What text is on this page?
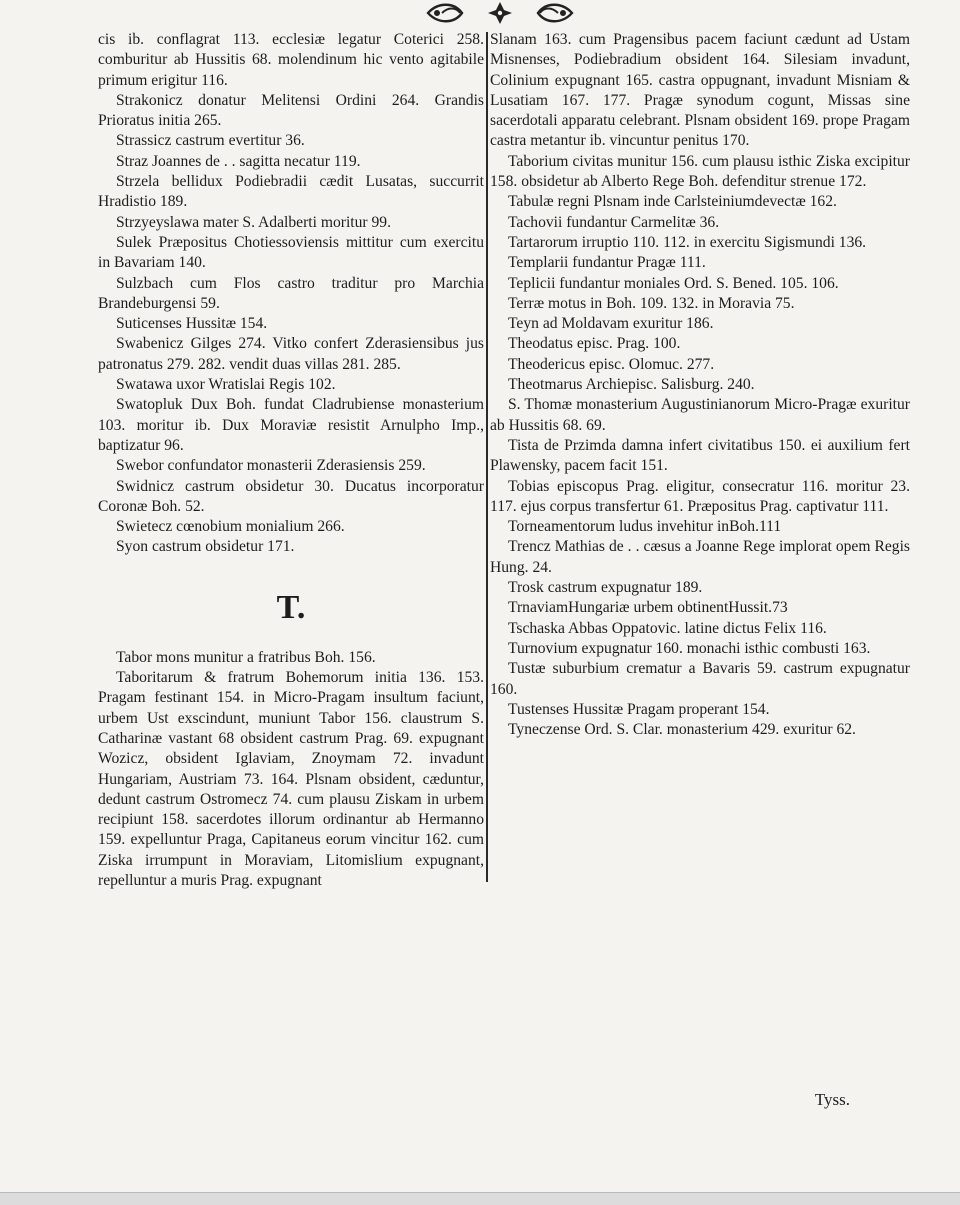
cis ib. conflagrat 113. ecclesiæ legatur Coterici 258. comburitur ab Hussitis 68. molendinum hic vento agitabile primum erigitur 116.

Strakonicz donatur Melitensi Ordini 264. Grandis Prioratus initia 265.

Strassicz castrum evertitur 36.

Straz Joannes de . . sagitta necatur 119.

Strzela bellidux Podiebradii cædit Lusatas, succurrit Hradistio 189.

Strzyeyslawa mater S. Adalberti moritur 99.

Sulek Præpositus Chotiessoviensis mittitur cum exercitu in Bavariam 140.

Sulzbach cum Flos castro traditur pro Marchia Brandeburgensi 59.

Suticenses Hussitæ 154.

Swabenicz Gilges 274. Vitko confert Zderasiensibus jus patronatus 279. 282. vendit duas villas 281. 285.

Swatawa uxor Wratislai Regis 102.

Swatopluk Dux Boh. fundat Cladrubiense monasterium 103. moritur ib. Dux Moraviæ resistit Arnulpho Imp., baptizatur 96.

Swebor confundator monasterii Zderasiensis 259.

Swidnicz castrum obsidetur 30. Ducatus incorporatur Coronæ Boh. 52.

Swietecz cœnobium monialium 266.

Syon castrum obsidetur 171.

T.

Tabor mons munitur a fratribus Boh. 156.

Taboritarum & fratrum Bohemorum initia 136. 153. Pragam festinant 154. in Micro-Pragam insultum faciunt, urbem Ust exscindunt, muniunt Tabor 156. claustrum S. Catharinæ vastant 68 obsident castrum Prag. 69. expugnant Wozicz, obsident Iglaviam, Znoymam 72. invadunt Hungariam, Austriam 73. 164. Plsnam obsident, cæduntur, dedunt castrum Ostromecz 74. cum plausu Ziskam in urbem recipiunt 158. sacerdotes illorum ordinantur ab Hermanno 159. expelluntur Praga, Capitaneus eorum vincitur 162. cum Ziska irrumpunt in Moraviam, Litomislium expugnant, repelluntur a muris Prag. expugnant

Slanam 163. cum Pragensibus pacem faciunt cædunt ad Ustam Misnenses, Podiebradium obsident 164. Silesiam invadunt, Colinium expugnant 165. castra oppugnant, invadunt Misniam & Lusatiam 167. 177. Pragæ synodum cogunt, Missas sine sacerdotali apparatu celebrant. Plsnam obsident 169. prope Pragam castra metantur ib. vincuntur penitus 170.

Taborium civitas munitur 156. cum plausu isthic Ziska excipitur 158. obsidetur ab Alberto Rege Boh. defenditur strenue 172.

Tabulæ regni Plsnam inde Carlsteiniumdevectæ 162.

Tachovii fundantur Carmelitæ 36.

Tartarorum irruptio 110. 112. in exercitu Sigismundi 136.

Templarii fundantur Pragæ 111.

Teplicii fundantur moniales Ord. S. Bened. 105. 106.

Terræ motus in Boh. 109. 132. in Moravia 75.

Teyn ad Moldavam exuritur 186.

Theodatus episc. Prag. 100.

Theodericus episc. Olomuc. 277.

Theotmarus Archiepisc. Salisburg. 240.

S. Thomæ monasterium Augustinianorum Micro-Pragæ exuritur ab Hussitis 68. 69.

Tista de Przimda damna infert civitatibus 150. ei auxilium fert Plawensky, pacem facit 151.

Tobias episcopus Prag. eligitur, consecratur 116. moritur 23. 117. ejus corpus transfertur 61. Præpositus Prag. captivatur 111.

Torneamentorum ludus invehitur inBoh.111

Trencz Mathias de . . cæsus a Joanne Rege implorat opem Regis Hung. 24.

Trosk castrum expugnatur 189.

TrnaviamHungariæ urbem obtinentHussit.73

Tschaska Abbas Oppatovic. latine dictus Felix 116.

Turnovium expugnatur 160. monachi isthic combusti 163.

Tustæ suburbium crematur a Bavaris 59. castrum expugnatur 160.

Tustenses Hussitæ Pragam properant 154.

Tyneczense Ord. S. Clar. monasterium 429. exuritur 62.

Tyss.
